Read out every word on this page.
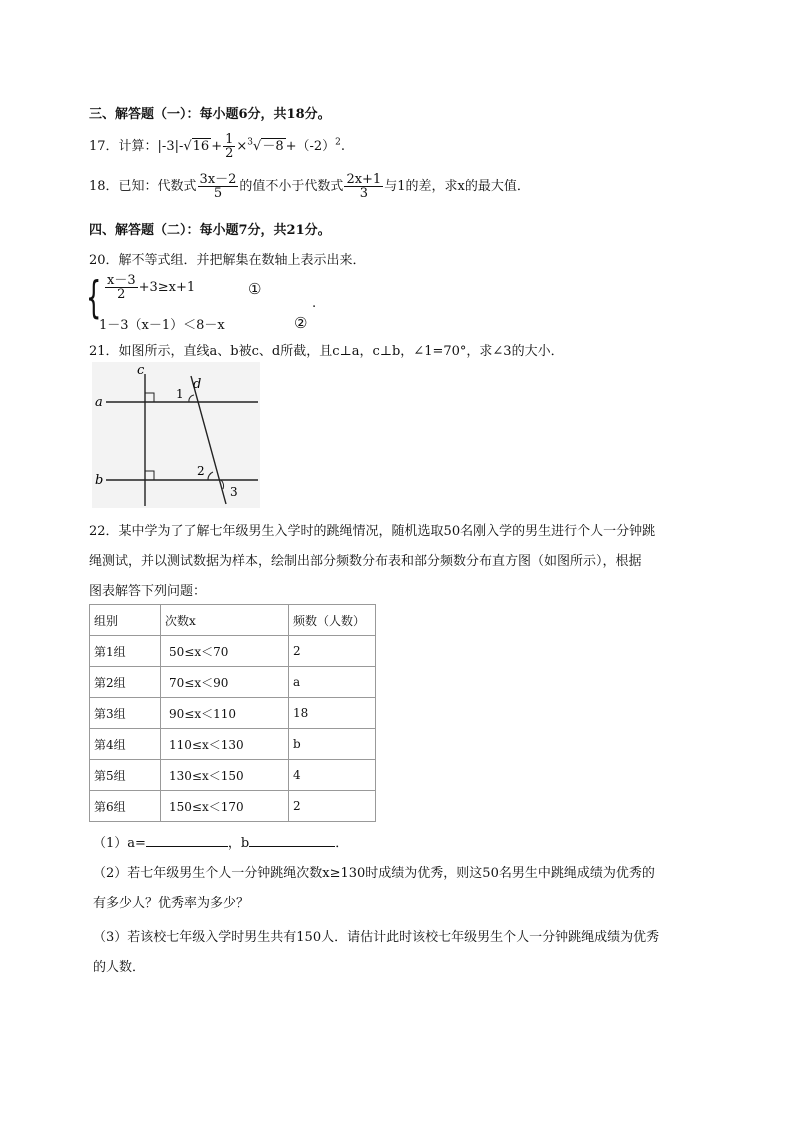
三、解答题（一）：每小题6分，共18分。
17．计算：$|-3|-√16 + \frac{1}{2} \times^3√-8 +(-2)^2$.
18．已知：代数式 $\frac{3x-2}{5}$ 的值不小于代数式 $\frac{2x+1}{3}$ 与1的差，求x的最大值．
四、解答题（二）：每小题7分，共21分。
20．解不等式组．并把解集在数轴上表示出来．
{ $\frac{x-3}{2} +3\ge x+1$	①
1－3（x－1）＜8－x	②
.
21．如图所示，直线a、b被c、d所截，且c⊥a，c⊥b，∠1=70°，求∠3的大小．
a
b
c
d
1
2
3
22．某中学为了了解七年级男生入学时的跳绳情况，随机选取50名刚入学的男生进行个人一分钟跳
绳测试，并以测试数据为样本，绘制出部分频数分布表和部分频数分布直方图（如图所示），根据
图表解答下列问题：
组别	次数x	频数（人数）
第1组	50≤x＜70	2
第2组	70≤x＜90	a
第3组	90≤x＜110	18
第4组	110≤x＜130	b
第5组	130≤x＜150	4
第6组	150≤x＜170	2
（1）a=	，b	．
（2）若七年级男生个人一分钟跳绳次数x≥130时成绩为优秀，则这50名男生中跳绳成绩为优秀的
有多少人？优秀率为多少？
（3）若该校七年级入学时男生共有150人．请估计此时该校七年级男生个人一分钟跳绳成绩为优秀
的人数．
